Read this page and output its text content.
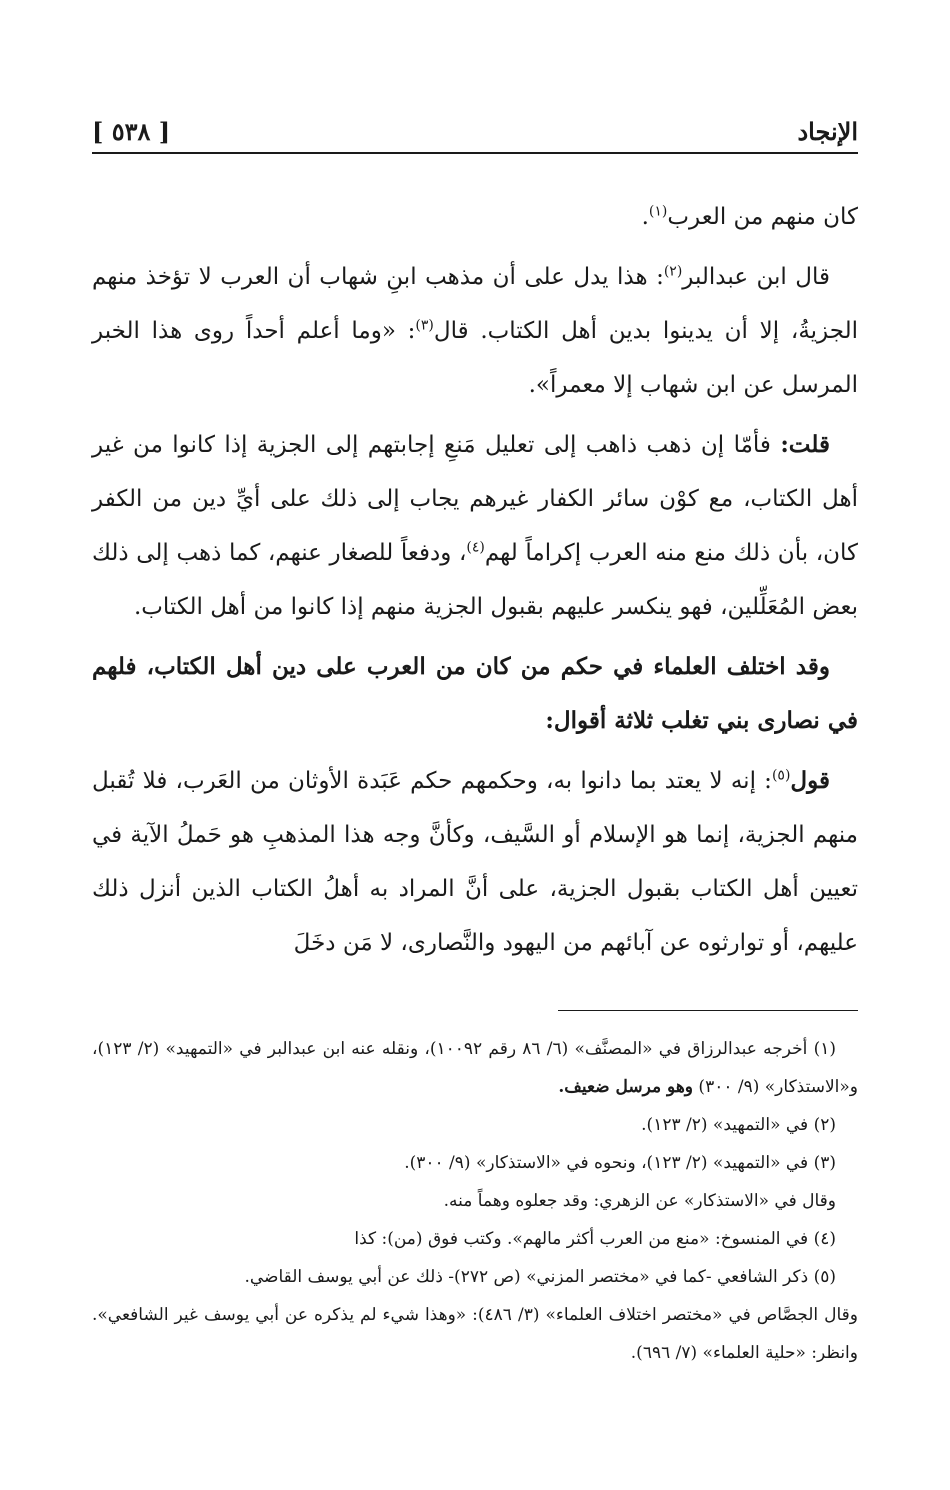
[ ٥٣٨ ]	الإنجاد

كان منهم من العرب$^{(١)}$.

قال ابن عبدالبر$^{(٢)}$: هذا يدل على أن مذهب ابنِ شهاب أن العرب لا تؤخذ منهم الجزيةُ، إلا أن يدينوا بدين أهل الكتاب. قال$^{(٣)}$: «وما أعلم أحداً روى هذا الخبر المرسل عن ابن شهاب إلا معمراً».

قلت: فأمّا إن ذهب ذاهب إلى تعليل مَنعِ إجابتهم إلى الجزية إذا كانوا من غير أهل الكتاب، مع كوْن سائر الكفار غيرهم يجاب إلى ذلك على أيِّ دين من الكفر كان، بأن ذلك منع منه العرب إكراماً لهم$^{(٤)}$، ودفعاً للصغار عنهم، كما ذهب إلى ذلك بعض المُعَلِّلين، فهو ينكسر عليهم بقبول الجزية منهم إذا كانوا من أهل الكتاب.

وقد اختلف العلماء في حكم من كان من العرب على دين أهل الكتاب، فلهم في نصارى بني تغلب ثلاثة أقوال:

قول$^{(٥)}$: إنه لا يعتد بما دانوا به، وحكمهم حكم عَبَدة الأوثان من العَرب، فلا تُقبل منهم الجزية، إنما هو الإسلام أو السَّيف، وكأنَّ وجه هذا المذهبِ هو حَملُ الآية في تعيين أهل الكتاب بقبول الجزية، على أنَّ المراد به أهلُ الكتاب الذين أنزل ذلك عليهم، أو توارثوه عن آبائهم من اليهود والنَّصارى، لا مَن دخَلَ

(١) أخرجه عبدالرزاق في «المصنَّف» (٦/ ٨٦ رقم ١٠٠٩٢)، ونقله عنه ابن عبدالبر في «التمهيد» (٢/ ١٢٣)، و«الاستذكار» (٩/ ٣٠٠) وهو مرسل ضعيف.

(٢) في «التمهيد» (٢/ ١٢٣).

(٣) في «التمهيد» (٢/ ١٢٣)، ونحوه في «الاستذكار» (٩/ ٣٠٠).

وقال في «الاستذكار» عن الزهري: وقد جعلوه وهماً منه.

(٤) في المنسوخ: «منع من العرب أكثر مالهم». وكتب فوق (من): كذا

(٥) ذكر الشافعي -كما في «مختصر المزني» (ص ٢٧٢)- ذلك عن أبي يوسف القاضي.

وقال الجصَّاص في «مختصر اختلاف العلماء» (٣/ ٤٨٦): «وهذا شيء لم يذكره عن أبي يوسف غير الشافعي». وانظر: «حلية العلماء» (٧/ ٦٩٦).
